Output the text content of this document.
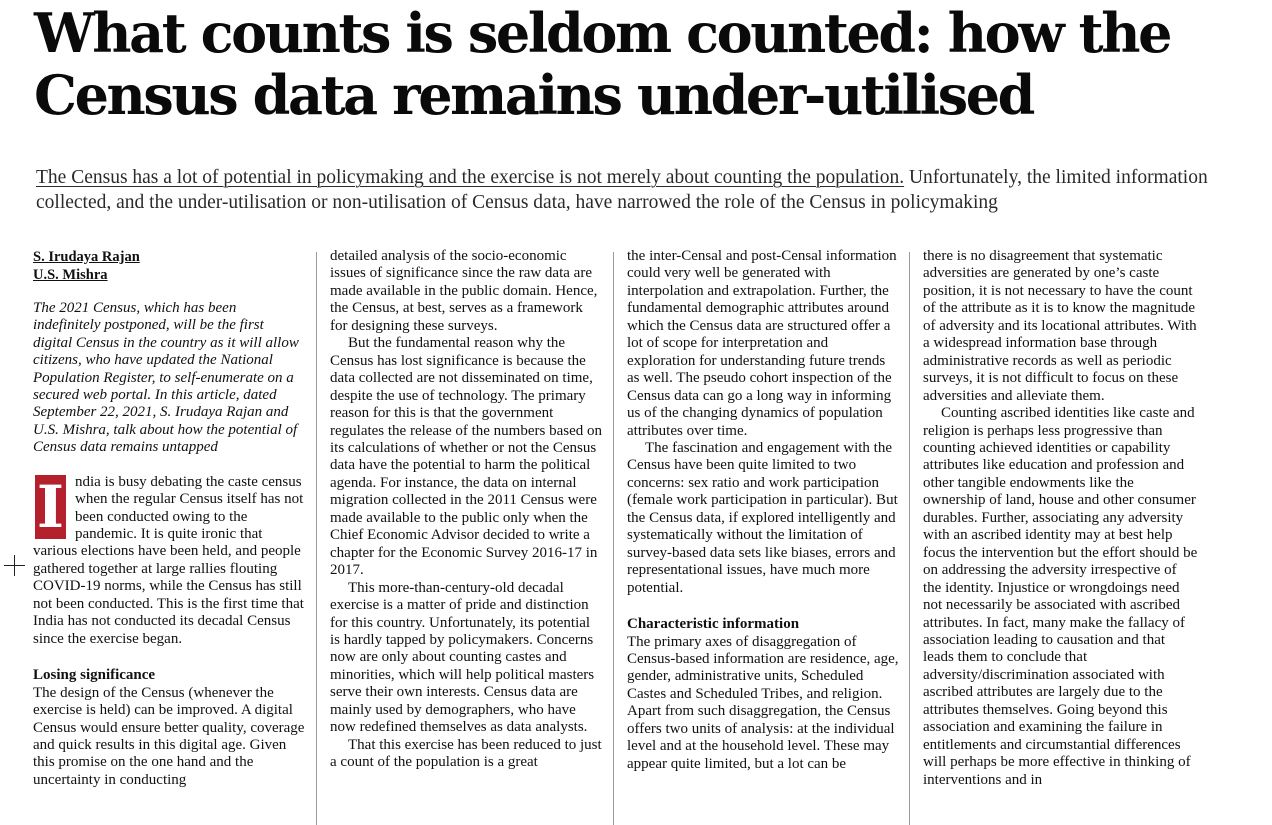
What counts is seldom counted: how the Census data remains under-utilised
The Census has a lot of potential in policymaking and the exercise is not merely about counting the population. Unfortunately, the limited information collected, and the under-utilisation or non-utilisation of Census data, have narrowed the role of the Census in policymaking
S. Irudaya Rajan
U.S. Mishra

The 2021 Census, which has been indefinitely postponed, will be the first digital Census in the country as it will allow citizens, who have updated the National Population Register, to self-enumerate on a secured web portal. In this article, dated September 22, 2021, S. Irudaya Rajan and U.S. Mishra, talk about how the potential of Census data remains untapped

I ndia is busy debating the caste census when the regular Census itself has not been conducted owing to the pandemic. It is quite ironic that various elections have been held, and people gathered together at large rallies flouting COVID-19 norms, while the Census has still not been conducted. This is the first time that India has not conducted its decadal Census since the exercise began.

Losing significance

The design of the Census (whenever the exercise is held) can be improved. A digital Census would ensure better quality, coverage and quick results in this digital age. Given this promise on the one hand and the uncertainty in conducting

detailed analysis of the socio-economic issues of significance since the raw data are made available in the public domain. Hence, the Census, at best, serves as a framework for designing these surveys.

But the fundamental reason why the Census has lost significance is because the data collected are not disseminated on time, despite the use of technology. The primary reason for this is that the government regulates the release of the numbers based on its calculations of whether or not the Census data have the potential to harm the political agenda. For instance, the data on internal migration collected in the 2011 Census were made available to the public only when the Chief Economic Advisor decided to write a chapter for the Economic Survey 2016-17 in 2017.

This more-than-century-old decadal exercise is a matter of pride and distinction for this country. Unfortunately, its potential is hardly tapped by policymakers. Concerns now are only about counting castes and minorities, which will help political masters serve their own interests. Census data are mainly used by demographers, who have now redefined themselves as data analysts.

That this exercise has been reduced to just a count of the population is a great

the inter-Censal and post-Censal information could very well be generated with interpolation and extrapolation. Further, the fundamental demographic attributes around which the Census data are structured offer a lot of scope for interpretation and exploration for understanding future trends as well. The pseudo cohort inspection of the Census data can go a long way in informing us of the changing dynamics of population attributes over time.

The fascination and engagement with the Census have been quite limited to two concerns: sex ratio and work participation (female work participation in particular). But the Census data, if explored intelligently and systematically without the limitation of survey-based data sets like biases, errors and representational issues, have much more potential.

Characteristic information

The primary axes of disaggregation of Census-based information are residence, age, gender, administrative units, Scheduled Castes and Scheduled Tribes, and religion. Apart from such disaggregation, the Census offers two units of analysis: at the individual level and at the household level. These may appear quite limited, but a lot can be

there is no disagreement that systematic adversities are generated by one’s caste position, it is not necessary to have the count of the attribute as it is to know the magnitude of adversity and its locational attributes. With a widespread information base through administrative records as well as periodic surveys, it is not difficult to focus on these adversities and alleviate them.

Counting ascribed identities like caste and religion is perhaps less progressive than counting achieved identities or capability attributes like education and profession and other tangible endowments like the ownership of land, house and other consumer durables. Further, associating any adversity with an ascribed identity may at best help focus the intervention but the effort should be on addressing the adversity irrespective of the identity. Injustice or wrongdoings need not necessarily be associated with ascribed attributes. In fact, many make the fallacy of association leading to causation and that leads them to conclude that adversity/discrimination associated with ascribed attributes are largely due to the attributes themselves. Going beyond this association and examining the failure in entitlements and circumstantial differences will perhaps be more effective in thinking of interventions and in
